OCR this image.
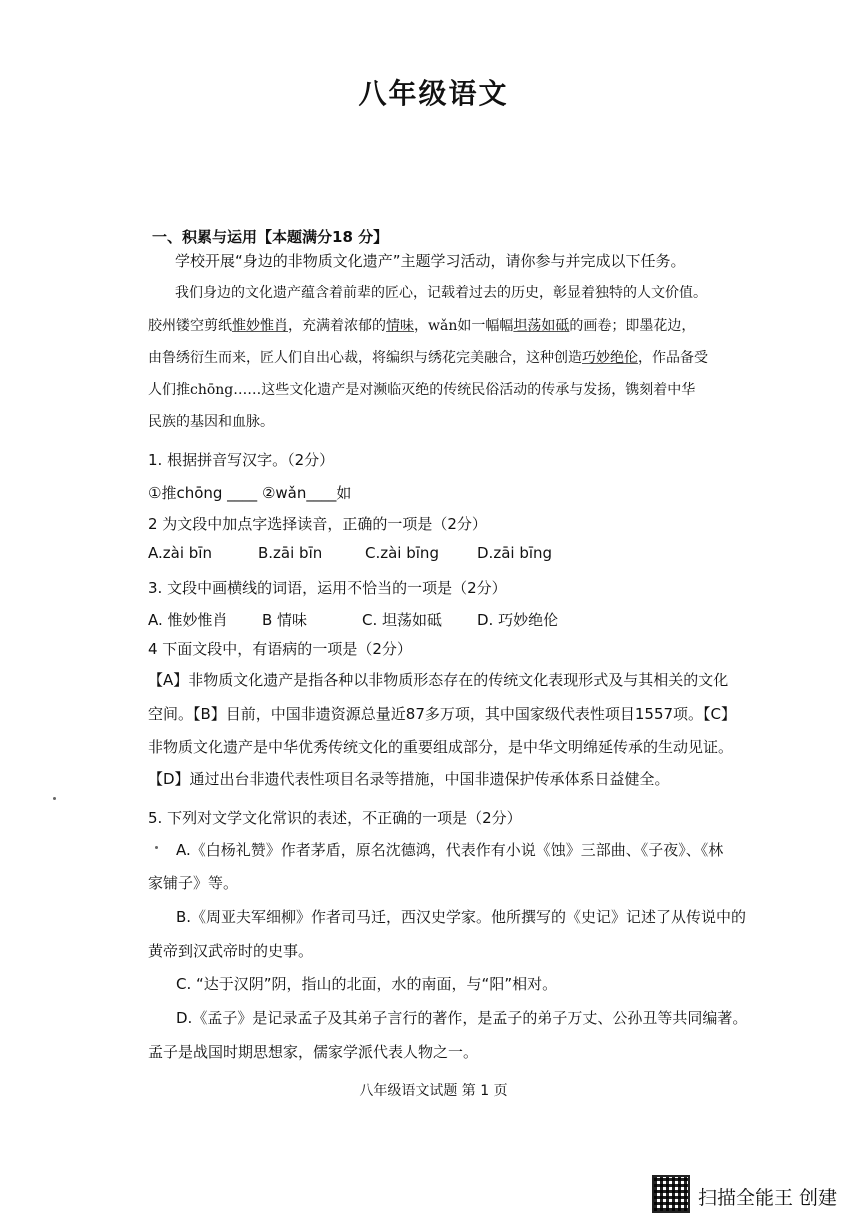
八年级语文
一、积累与运用【本题满分18 分】
学校开展“身边的非物质文化遗产”主题学习活动，请你参与并完成以下任务。
我们身边的文化遗产蕴含着前辈的匠心，记载着过去的历史，彰显着独特的人文价值。
胶州镂空剪纸惟妙惟肖，充满着浓郁的情味，wǎn如一幅幅坦荡如砥的画卷；即墨花边，
由鲁绣衍生而来，匠人们自出心裁，将编织与绣花完美融合，这种创造巧妙绝伦，作品备受
人们推chōng……这些文化遗产是对濒临灭绝的传统民俗活动的传承与发扬，镌刻着中华
民族的基因和血脉。
1. 根据拼音写汉字。（2分）
①推chōng ____ ②wǎn____如
2 为文段中加点字选择读音，正确的一项是（2分）
A.zài bīn	B.zāi bīn	C.zài bīng	D.zāi bīng
3. 文段中画横线的词语，运用不恰当的一项是（2分）
A. 惟妙惟肖 B 情味	C. 坦荡如砥 D. 巧妙绝伦
4 下面文段中，有语病的一项是（2分）
【A】非物质文化遗产是指各种以非物质形态存在的传统文化表现形式及与其相关的文化
空间。【B】目前，中国非遗资源总量近87多万项，其中国家级代表性项目1557项。【C】
非物质文化遗产是中华优秀传统文化的重要组成部分，是中华文明绵延传承的生动见证。
【D】通过出台非遗代表性项目名录等措施，中国非遗保护传承体系日益健全。
5. 下列对文学文化常识的表述，不正确的一项是（2分）
A.《白杨礼赞》作者茅盾，原名沈德鸿，代表作有小说《蚀》三部曲、《子夜》、《林
家铺子》等。
B.《周亚夫军细柳》作者司马迁，西汉史学家。他所撰写的《史记》记述了从传说中的
黄帝到汉武帝时的史事。
C. “达于汉阴”阴，指山的北面，水的南面，与“阳”相对。
D.《孟子》是记录孟子及其弟子言行的著作，是孟子的弟子万丈、公孙丑等共同编著。
孟子是战国时期思想家，儒家学派代表人物之一。
八年级语文试题 第 1 页
扫描全能王 创建
